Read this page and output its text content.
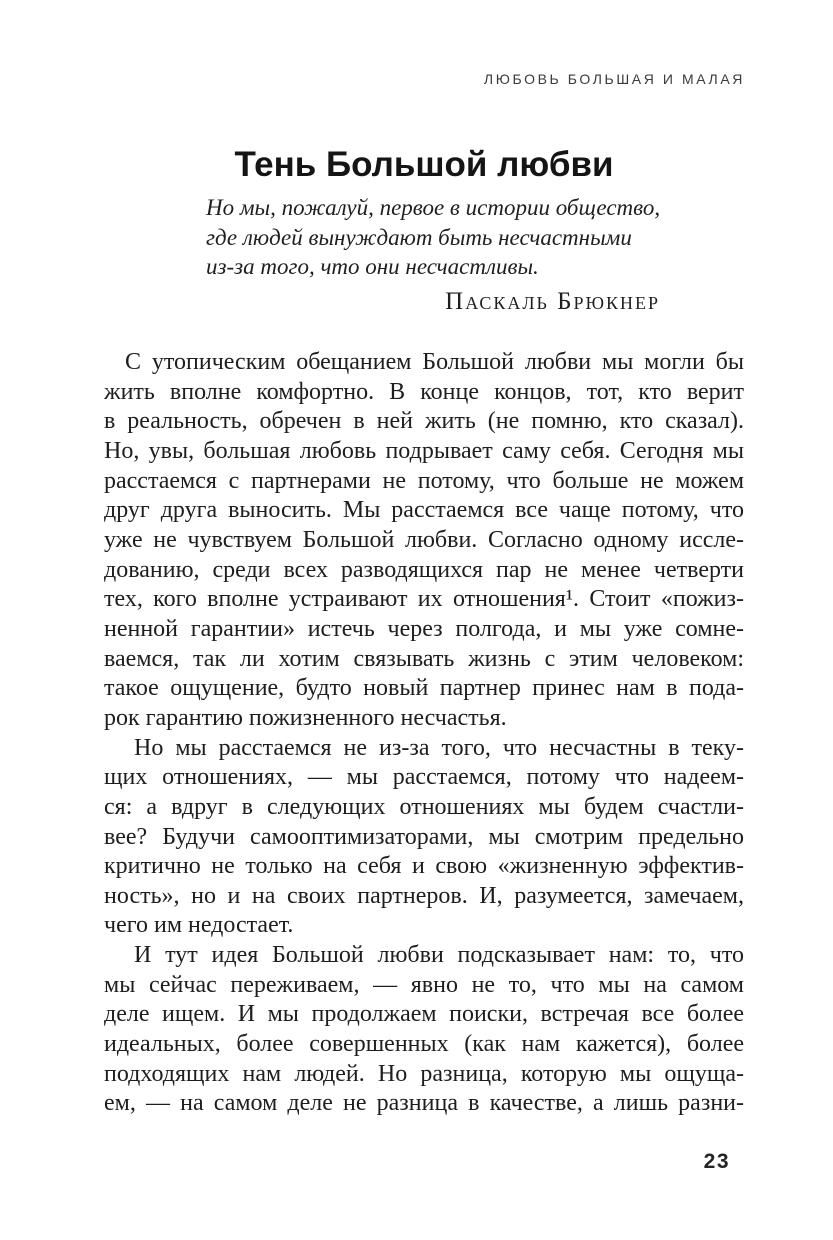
ЛЮБОВЬ БОЛЬШАЯ И МАЛАЯ
Тень Большой любви
Но мы, пожалуй, первое в истории общество,
где людей вынуждают быть несчастными
из-за того, что они несчастливы.
Паскаль Брюкнер
С утопическим обещанием Большой любви мы могли бы
жить вполне комфортно. В конце концов, тот, кто верит
в реальность, обречен в ней жить (не помню, кто сказал).
Но, увы, большая любовь подрывает саму себя. Сегодня мы
расстаемся с партнерами не потому, что больше не можем
друг друга выносить. Мы расстаемся все чаще потому, что
уже не чувствуем Большой любви. Согласно одному иссле-
дованию, среди всех разводящихся пар не менее четверти
тех, кого вполне устраивают их отношения¹. Стоит «пожиз-
ненной гарантии» истечь через полгода, и мы уже сомне-
ваемся, так ли хотим связывать жизнь с этим человеком:
такое ощущение, будто новый партнер принес нам в пода-
рок гарантию пожизненного несчастья.
Но мы расстаемся не из-за того, что несчастны в теку-
щих отношениях, — мы расстаемся, потому что надеем-
ся: а вдруг в следующих отношениях мы будем счастли-
вее? Будучи самооптимизаторами, мы смотрим предельно
критично не только на себя и свою «жизненную эффектив-
ность», но и на своих партнеров. И, разумеется, замечаем,
чего им недостает.
И тут идея Большой любви подсказывает нам: то, что
мы сейчас переживаем, — явно не то, что мы на самом
деле ищем. И мы продолжаем поиски, встречая все более
идеальных, более совершенных (как нам кажется), более
подходящих нам людей. Но разница, которую мы ощуща-
ем, — на самом деле не разница в качестве, а лишь разни-
23
